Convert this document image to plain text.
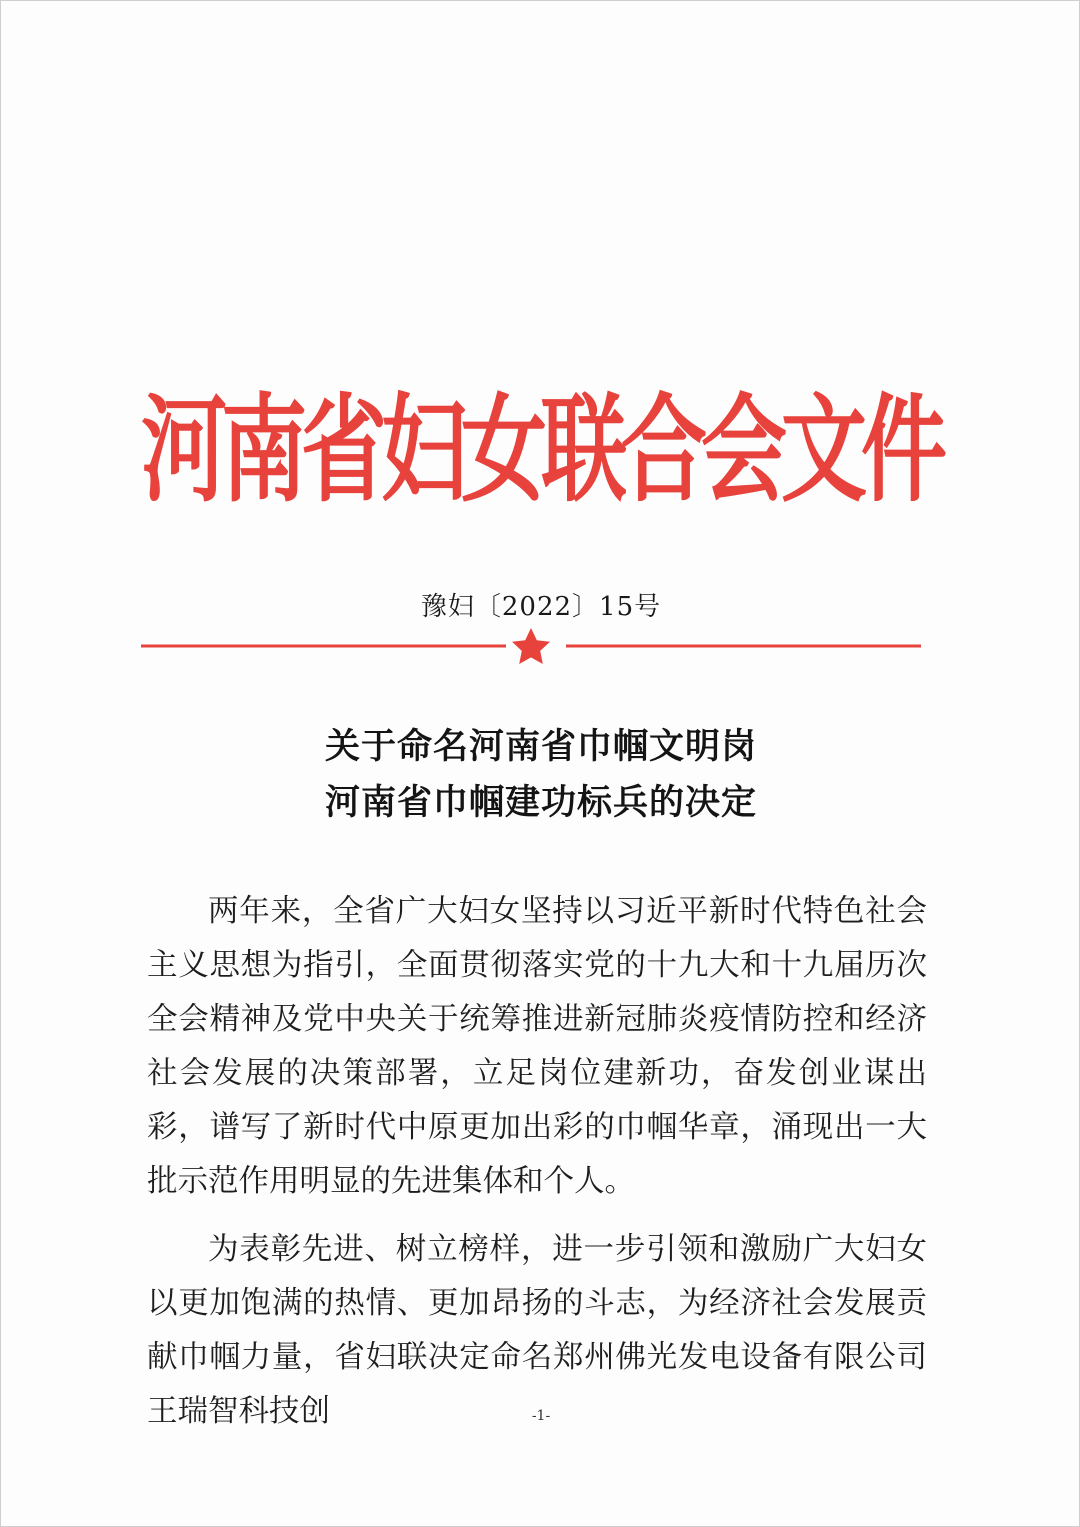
河南省妇女联合会文件
豫妇〔2022〕15号
关于命名河南省巾帼文明岗
河南省巾帼建功标兵的决定

两年来，全省广大妇女坚持以习近平新时代特色社会主义思想为指引，全面贯彻落实党的十九大和十九届历次全会精神及党中央关于统筹推进新冠肺炎疫情防控和经济社会发展的决策部署，立足岗位建新功，奋发创业谋出彩，谱写了新时代中原更加出彩的巾帼华章，涌现出一大批示范作用明显的先进集体和个人。

为表彰先进、树立榜样，进一步引领和激励广大妇女以更加饱满的热情、更加昂扬的斗志，为经济社会发展贡献巾帼力量，省妇联决定命名郑州佛光发电设备有限公司王瑞智科技创	-1-
